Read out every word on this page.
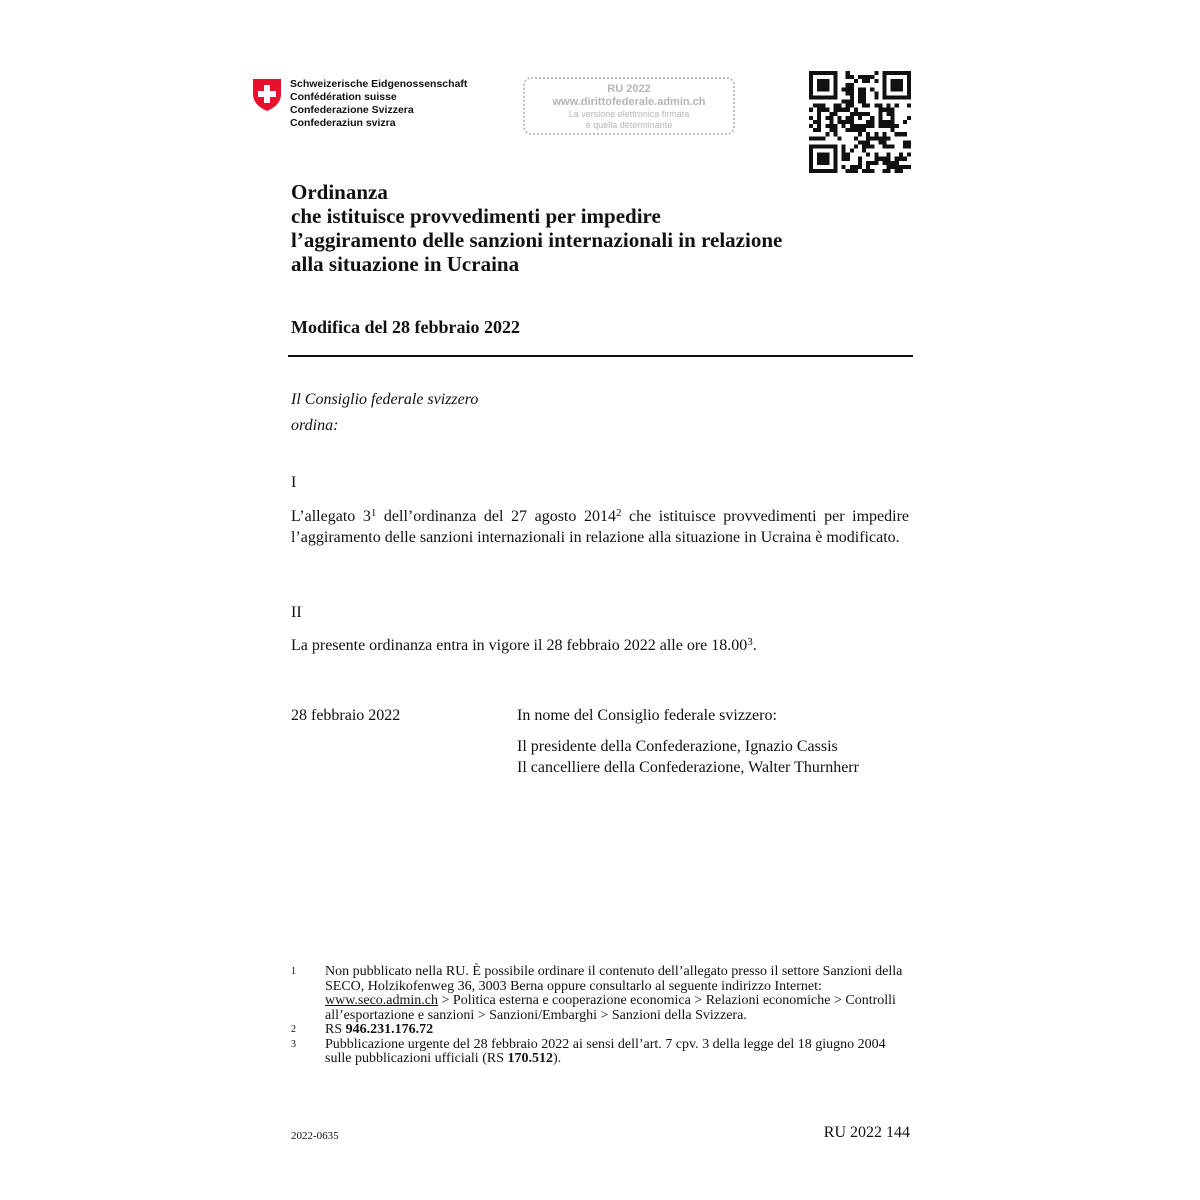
Schweizerische Eidgenossenschaft
Confédération suisse
Confederazione Svizzera
Confederaziun svizra
RU 2022
www.dirittofederale.admin.ch
La versione elettronica firmata
è quella determinante
Ordinanza
che istituisce provvedimenti per impedire
l’aggiramento delle sanzioni internazionali in relazione
alla situazione in Ucraina
Modifica del 28 febbraio 2022
Il Consiglio federale svizzero
ordina:
I
L’allegato $3^1$ dell’ordinanza del 27 agosto 2014$^2$ che istituisce provvedimenti per impedire l’aggiramento delle sanzioni internazionali in relazione alla situazione in Ucraina è modificato.
II
La presente ordinanza entra in vigore il 28 febbraio 2022 alle ore 18.00$^3$.
28 febbraio 2022	In nome del Consiglio federale svizzero:
Il presidente della Confederazione, Ignazio Cassis
Il cancelliere della Confederazione, Walter Thurnherr
1	Non pubblicato nella RU. È possibile ordinare il contenuto dell’allegato presso il settore Sanzioni della SECO, Holzikofenweg 36, 3003 Berna oppure consultarlo al seguente indirizzo Internet: www.seco.admin.ch > Politica esterna e cooperazione economica > Relazioni economiche > Controlli all’esportazione e sanzioni > Sanzioni/Embarghi > Sanzioni della Svizzera.
2	RS 946.231.176.72
3	Pubblicazione urgente del 28 febbraio 2022 ai sensi dell’art. 7 cpv. 3 della legge del 18 giugno 2004 sulle pubblicazioni ufficiali (RS 170.512).
2022-0635	RU 2022 144
